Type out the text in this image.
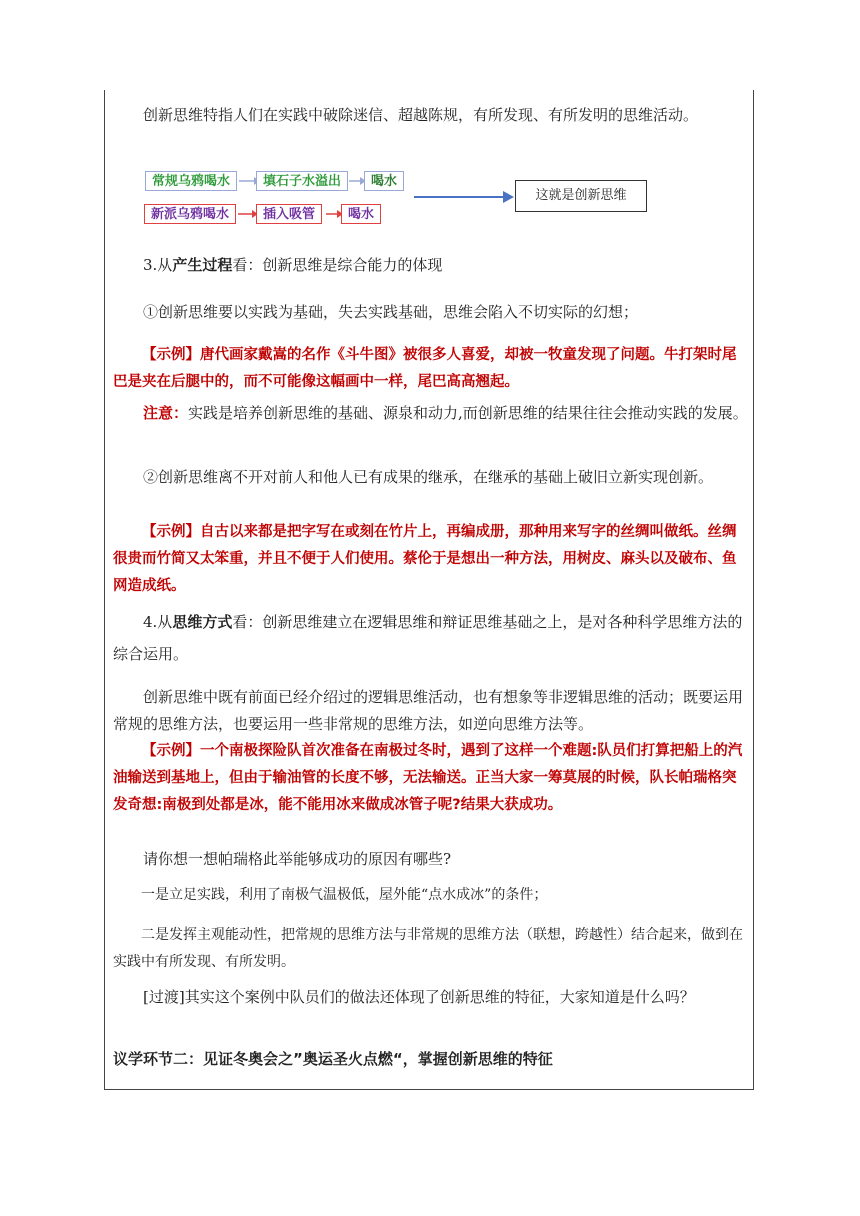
创新思维特指人们在实践中破除迷信、超越陈规，有所发现、有所发明的思维活动。

常规乌鸦喝水	填石子水溢出	喝水
新派乌鸦喝水	插入吸管	喝水
这就是创新思维

3.从产生过程看：创新思维是综合能力的体现

①创新思维要以实践为基础，失去实践基础，思维会陷入不切实际的幻想；

【示例】唐代画家戴嵩的名作《斗牛图》被很多人喜爱，却被一牧童发现了问题。牛打架时尾巴是夹在后腿中的，而不可能像这幅画中一样，尾巴高高翘起。

注意：实践是培养创新思维的基础、源泉和动力,而创新思维的结果往往会推动实践的发展。

②创新思维离不开对前人和他人已有成果的继承，在继承的基础上破旧立新实现创新。

【示例】自古以来都是把字写在或刻在竹片上，再编成册，那种用来写字的丝绸叫做纸。丝绸很贵而竹简又太笨重，并且不便于人们使用。蔡伦于是想出一种方法，用树皮、麻头以及破布、鱼网造成纸。

4.从思维方式看：创新思维建立在逻辑思维和辩证思维基础之上，是对各种科学思维方法的综合运用。

创新思维中既有前面已经介绍过的逻辑思维活动，也有想象等非逻辑思维的活动；既要运用常规的思维方法，也要运用一些非常规的思维方法，如逆向思维方法等。

【示例】一个南极探险队首次准备在南极过冬时，遇到了这样一个难题:队员们打算把船上的汽油输送到基地上，但由于输油管的长度不够，无法输送。正当大家一筹莫展的时候，队长帕瑞格突发奇想:南极到处都是冰，能不能用冰来做成冰管子呢?结果大获成功。

请你想一想帕瑞格此举能够成功的原因有哪些?

一是立足实践，利用了南极气温极低，屋外能“点水成冰”的条件；

二是发挥主观能动性，把常规的思维方法与非常规的思维方法（联想，跨越性）结合起来，做到在实践中有所发现、有所发明。

[过渡]其实这个案例中队员们的做法还体现了创新思维的特征，大家知道是什么吗？

议学环节二：见证冬奥会之”奥运圣火点燃“，掌握创新思维的特征
